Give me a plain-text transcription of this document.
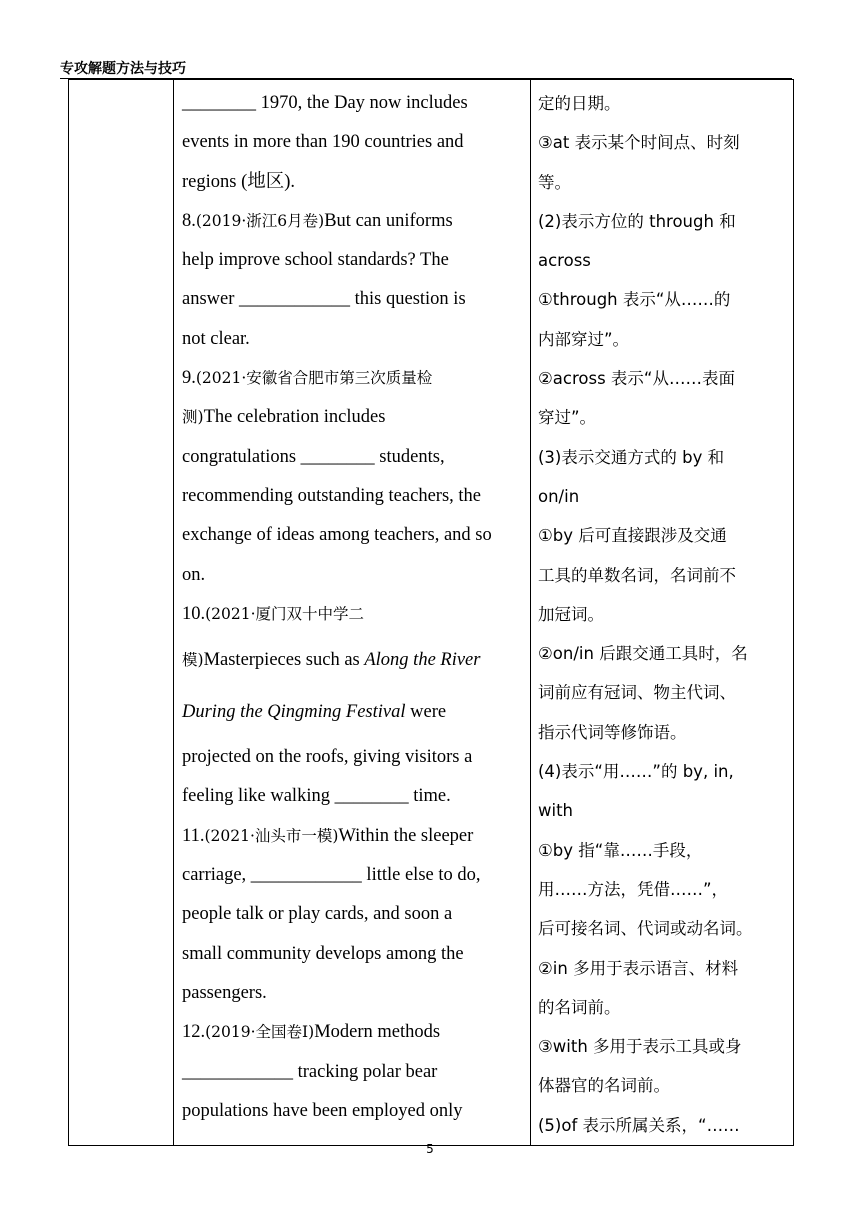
专攻解题方法与技巧

________ 1970, the Day now includes
events in more than 190 countries and
regions (地区).
8.(2019·浙江6月卷)But can uniforms
help improve school standards? The
answer ____________ this question is
not clear.
9.(2021·安徽省合肥市第三次质量检
测)The celebration includes
congratulations ________ students,
recommending outstanding teachers, the
exchange of ideas among teachers, and so
on.
10.(2021·厦门双十中学二
模)Masterpieces such as Along the River
During the Qingming Festival were
projected on the roofs, giving visitors a
feeling like walking ________ time.
11.(2021·汕头市一模)Within the sleeper
carriage, ____________ little else to do,
people talk or play cards, and soon a
small community develops among the
passengers.
12.(2019·全国卷Ⅰ)Modern methods
____________ tracking polar bear
populations have been employed only

定的日期。
③at 表示某个时间点、时刻
等。
(2)表示方位的 through 和
across
①through 表示“从……的
内部穿过”。
②across 表示“从……表面
穿过”。
(3)表示交通方式的 by 和
on/in
①by 后可直接跟涉及交通
工具的单数名词，名词前不
加冠词。
②on/in 后跟交通工具时，名
词前应有冠词、物主代词、
指示代词等修饰语。
(4)表示“用……”的 by, in,
with
①by 指“靠……手段，
用……方法，凭借……”，
后可接名词、代词或动名词。
②in 多用于表示语言、材料
的名词前。
③with 多用于表示工具或身
体器官的名词前。
(5)of 表示所属关系，“……
5
